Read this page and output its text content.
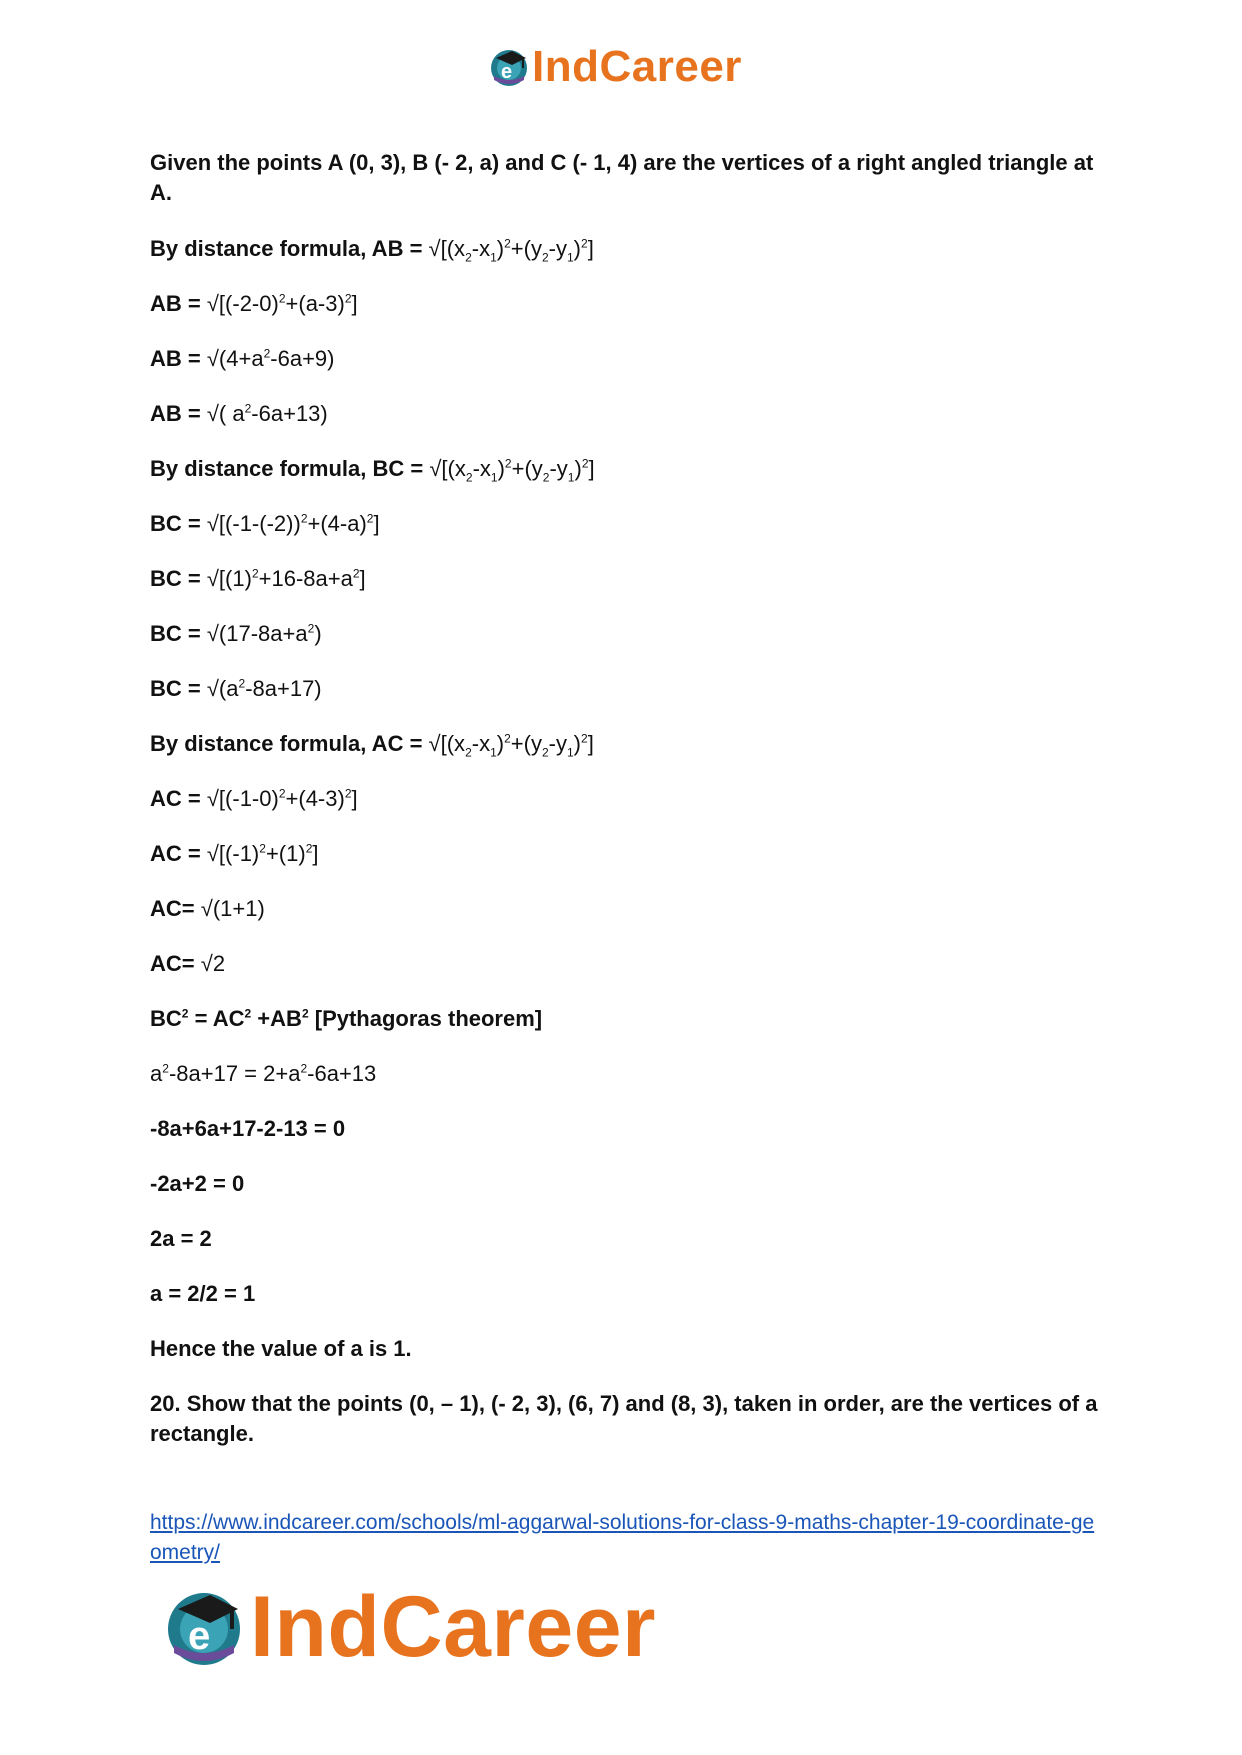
e IndCareer
Given the points A (0, 3), B (- 2, a) and C (- 1, 4) are the vertices of a right angled triangle at A.
By distance formula, AB = $√[(x_2-x_1)^2+(y_2-y_1)^2]$
AB = $√[(-2-0)^2+(a-3)^2]$
AB = $√(4+a^2-6a+9)$
AB = √( $a^2-6a+13$)
By distance formula, BC = $√[(x_2-x_1)^2+(y_2-y_1)^2]$
BC = $√[(-1-(-2))^2+(4-a)^2]$
BC = $√[(1)^2+16-8a+a^2]$
BC = $√(17-8a+a^2)$
BC = $√(a^2-8a+17)$
By distance formula, AC = $√[(x_2-x_1)^2+(y_2-y_1)^2]$
AC = $√[(-1-0)^2+(4-3)^2]$
AC = $√[(-1)^2+(1)^2]$
AC= √(1+1)
AC= √2
$BC^2 = AC^2 +AB^2$ [Pythagoras theorem]
$a^2-8a+17 = 2+a^2-6a+13$
-8a+6a+17-2-13 = 0
-2a+2 = 0
2a = 2
a = 2/2 = 1
Hence the value of a is 1.
20. Show that the points (0, – 1), (- 2, 3), (6, 7) and (8, 3), taken in order, are the vertices of a rectangle.
https://www.indcareer.com/schools/ml-aggarwal-solutions-for-class-9-maths-chapter-19-coordinate-geometry/
e IndCareer
